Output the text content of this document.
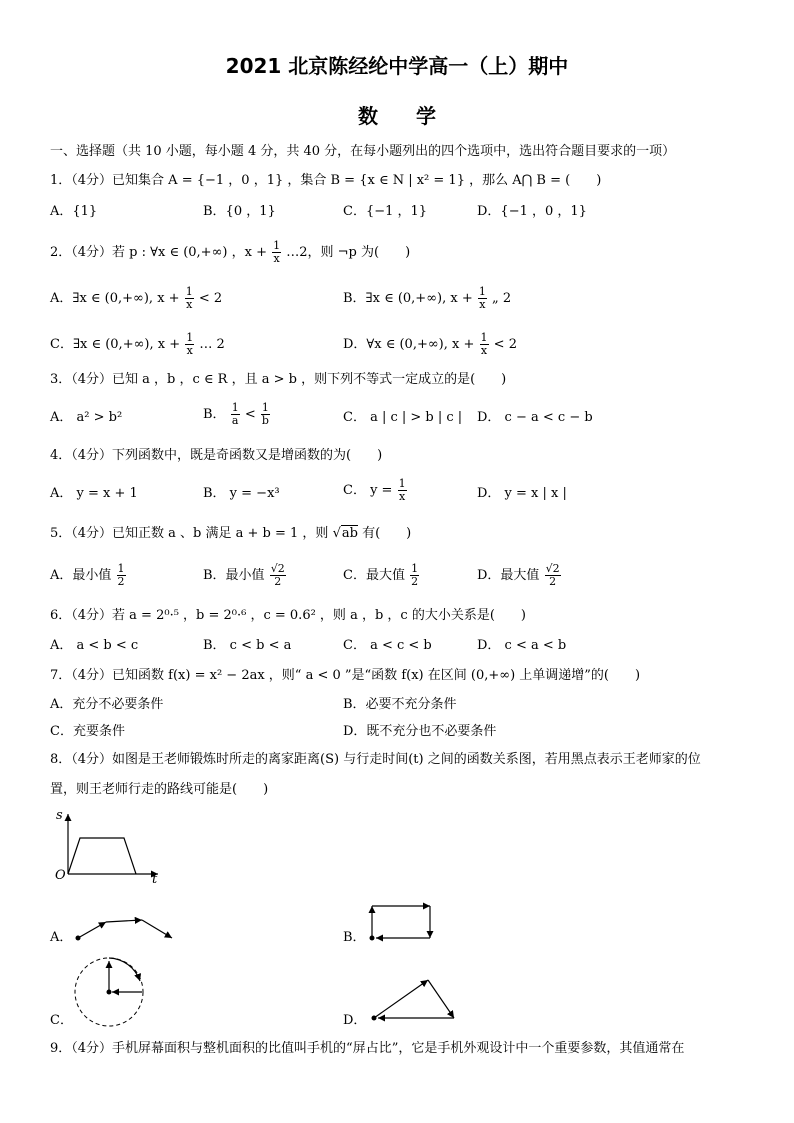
2021 北京陈经纶中学高一（上）期中
数学
一、选择题（共 10 小题，每小题 4 分，共 40 分，在每小题列出的四个选项中，选出符合题目要求的一项）
1．（4分）已知集合 A = {−1 ，0 ，1} ，集合 B = {x ∈ N | x² = 1} ，那么 A⋂ B = (　　)
A．{1}	B．{0 ，1}	C．{−1 ，1}	D．{−1 ，0 ，1}
2．（4分）若 p : ∀x ∈ (0,+∞) ，$x + \frac{1}{x}$ …2，则 ¬p 为(　　)
A．∃x ∈ (0,+∞), $x + \frac{1}{x} < 2$	B．∃x ∈ (0,+∞), $x + \frac{1}{x}$ „ 2
C．∃x ∈ (0,+∞), $x + \frac{1}{x}$ … 2	D．∀x ∈ (0,+∞), $x + \frac{1}{x} < 2$
3．（4分）已知 a ，b ，c ∈ R ，且 a > b ，则下列不等式一定成立的是(　　)
A． a² > b²	B． $\frac{1}{a} < \frac{1}{b}$	C． a | c | > b | c | D． c − a < c − b
4．（4分）下列函数中，既是奇函数又是增函数的为(　　)
A． y = x + 1	B． y = −x³	C． $y = \frac{1}{x}$	D． y = x | x |
5．（4分）已知正数 a 、b 满足 a + b = 1 ，则 √ab 有(　　)
A．最小值 $\frac{1}{2}$	B．最小值 $\frac{√2}{2}$	C．最大值 $\frac{1}{2}$	D．最大值 $\frac{√2}{2}$
6．（4分）若 a = 2⁰·⁵ ，b = 2⁰·⁶ ，c = 0.6² ，则 a ，b ，c 的大小关系是(　　)
A． a < b < c	B． c < b < a	C． a < c < b	D． c < a < b
7．（4分）已知函数 f(x) = x² − 2ax ，则“ a < 0 ”是“函数 f(x) 在区间 (0,+∞) 上单调递增”的(　　)
A．充分不必要条件	B．必要不充分条件
C．充要条件	D．既不充分也不必要条件
8．（4分）如图是王老师锻炼时所走的离家距离(S) 与行走时间(t) 之间的函数关系图，若用黑点表示王老师家的位
置，则王老师行走的路线可能是(　　)
s
O	t
A．	B．
C．	D．
9．（4分）手机屏幕面积与整机面积的比值叫手机的“屏占比”，它是手机外观设计中一个重要参数，其值通常在
